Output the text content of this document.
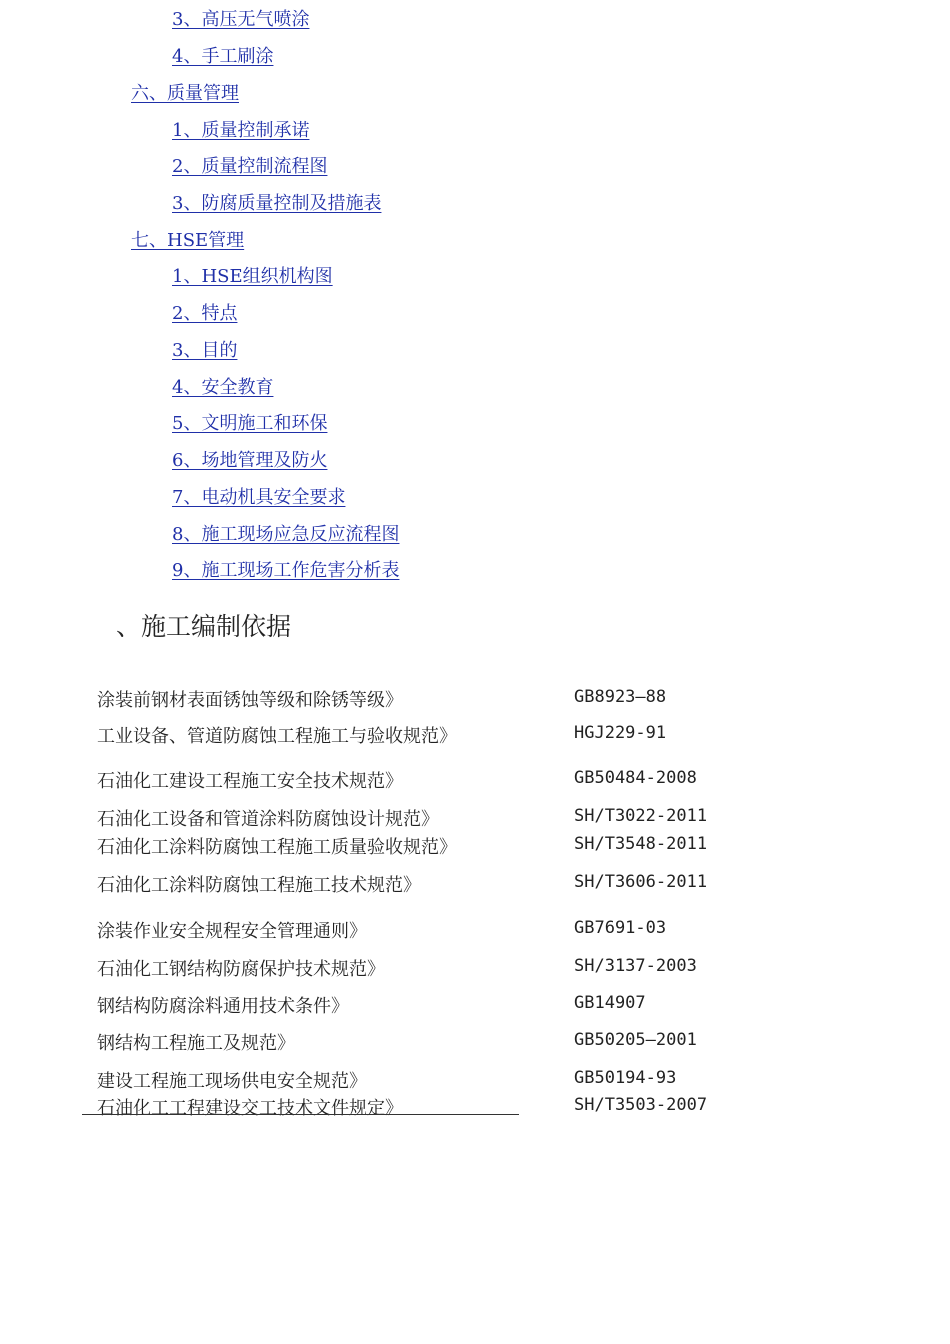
3、高压无气喷涂
4、手工刷涂
六、质量管理
1、质量控制承诺
2、质量控制流程图
3、防腐质量控制及措施表
七、HSE管理
1、HSE组织机构图
2、特点
3、目的
4、安全教育
5、文明施工和环保
6、场地管理及防火
7、电动机具安全要求
8、施工现场应急反应流程图
9、施工现场工作危害分析表
、施工编制依据
涂装前钢材表面锈蚀等级和除锈等级》	GB8923—88
工业设备、管道防腐蚀工程施工与验收规范》	HGJ229-91
石油化工建设工程施工安全技术规范》	GB50484-2008
石油化工设备和管道涂料防腐蚀设计规范》	SH/T3022-2011
石油化工涂料防腐蚀工程施工质量验收规范》	SH/T3548-2011
石油化工涂料防腐蚀工程施工技术规范》	SH/T3606-2011
涂装作业安全规程安全管理通则》	GB7691-03
石油化工钢结构防腐保护技术规范》	SH/3137-2003
钢结构防腐涂料通用技术条件》	GB14907
钢结构工程施工及规范》	GB50205—2001
建设工程施工现场供电安全规范》	GB50194-93
石油化工工程建设交工技术文件规定》	SH/T3503-2007
